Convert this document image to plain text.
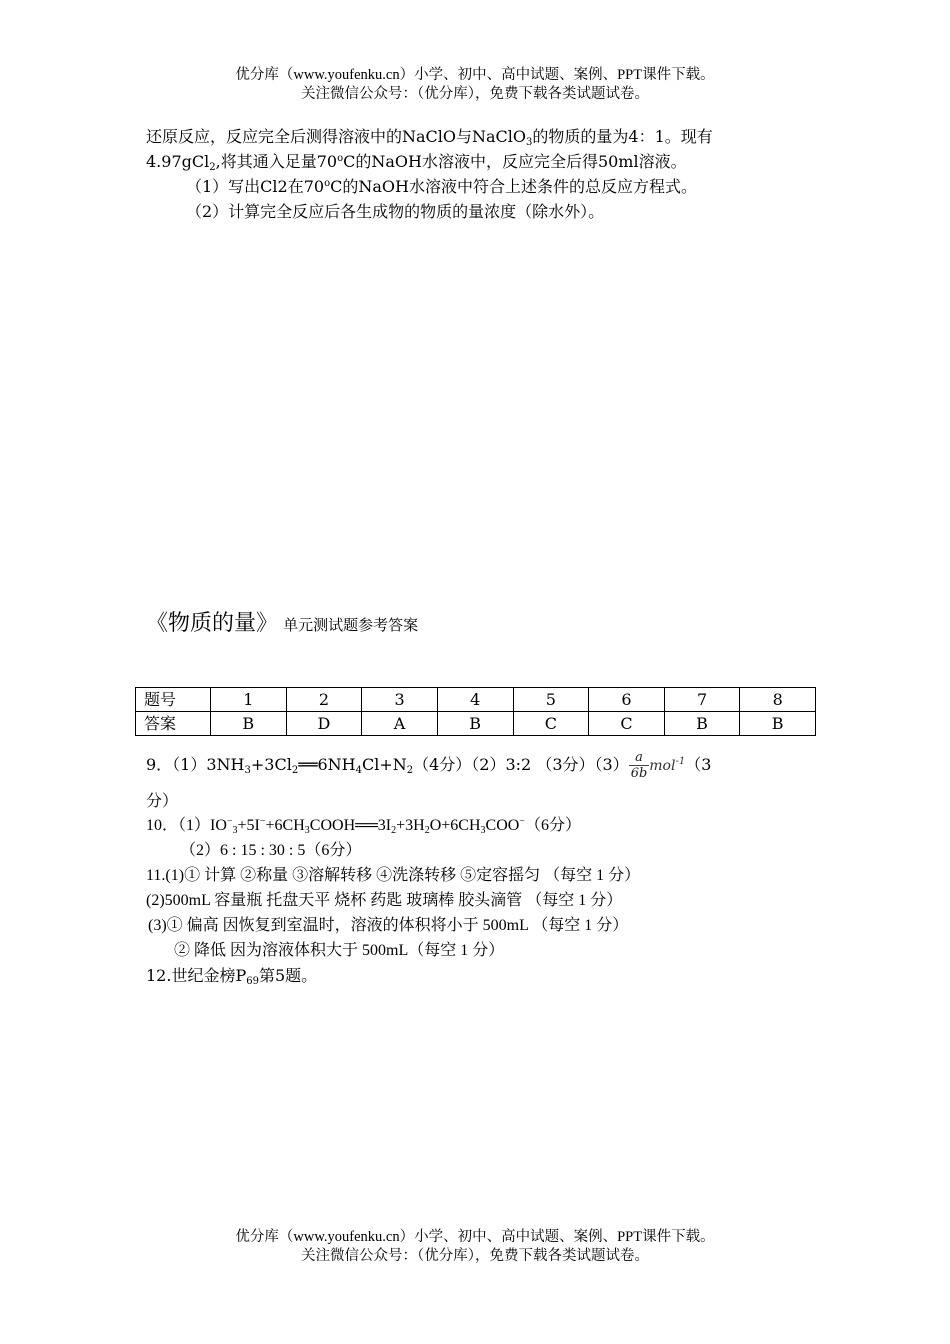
优分库（www.youfenku.cn）小学、初中、高中试题、案例、PPT课件下载。
关注微信公众号：（优分库），免费下载各类试题试卷。
还原反应，反应完全后测得溶液中的NaClO与NaClO$_3$的物质的量为4：1。现有
4.97gCl$_2$,将其通入足量70$^o$C的NaOH水溶液中，反应完全后得50ml溶液。
（1）写出Cl2在70$^o$C的NaOH水溶液中符合上述条件的总反应方程式。
（2）计算完全反应后各生成物的物质的量浓度（除水外）。
《物质的量》 单元测试题参考答案
题号	1	2	3	4	5	6	7	8
答案	B	D	A	B	C	C	B	B
9．$(1)3NH_3+3Cl_2══6NH_4Cl+N_2(4$分）（2）3:2 （3分）$(3) \frac{a}{6b} mol^{-1}(3$
分）
10．$(1)IO^-_3+5I^-+6CH_3COOH══3I_2+3H_2O+6CH_3COO^-(6$分）
（2）6 : 15 : 30 : 5（6分）
11.(1)① 计算 ②称量 ③溶解转移 ④洗涤转移 ⑤定容摇匀 （每空 1 分）
(2)500mL 容量瓶 托盘天平 烧杯 药匙 玻璃棒 胶头滴管 （每空 1 分）
(3)① 偏高 因恢复到室温时，溶液的体积将小于 500mL （每空 1 分）
② 降低 因为溶液体积大于 500mL（每空 1 分）
12.世纪金榜$P_{69}$第5题。
优分库（www.youfenku.cn）小学、初中、高中试题、案例、PPT课件下载。
关注微信公众号：（优分库），免费下载各类试题试卷。
